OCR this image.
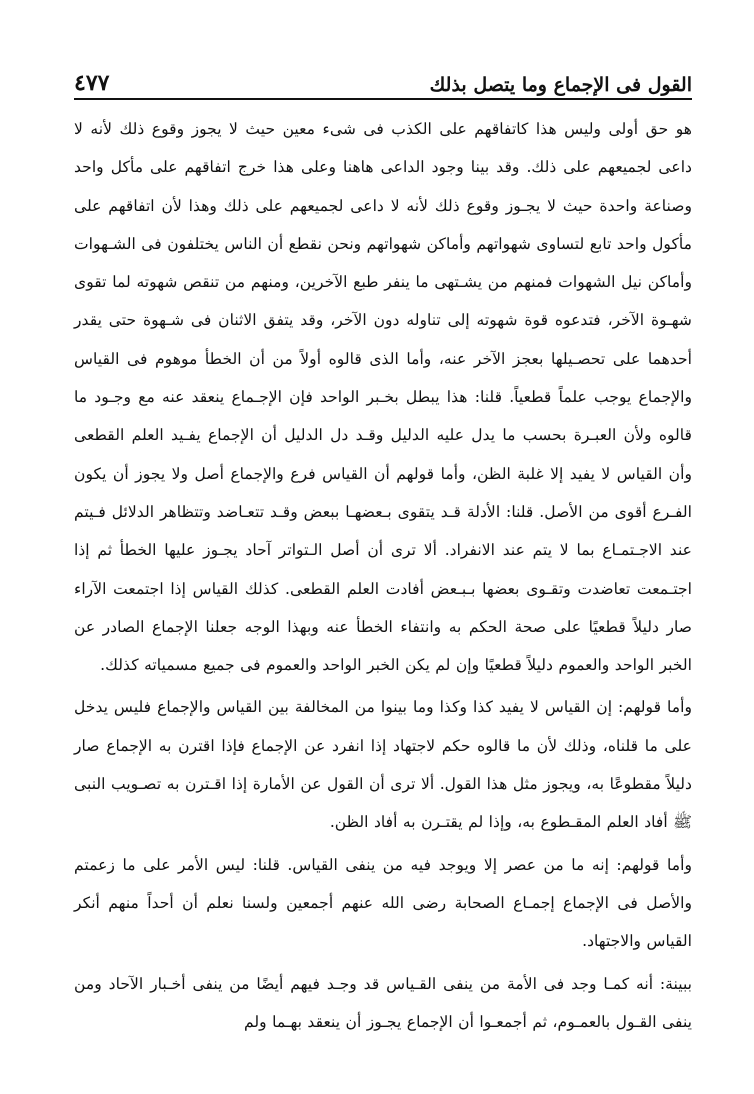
القول فى الإجماع وما يتصل بذلك
٤٧٧

هو حق أولى وليس هذا كاتفاقهم على الكذب فى شىء معين حيث لا يجوز وقوع ذلك لأنه لا داعى لجميعهم على ذلك. وقد بينا وجود الداعى هاهنا وعلى هذا خرج اتفاقهم على مأكل واحد وصناعة واحدة حيث لا يجـوز وقوع ذلك لأنه لا داعى لجميعهم على ذلك وهذا لأن اتفاقهم على مأكول واحد تابع لتساوى شهواتهم وأماكن شهواتهم ونحن نقطع أن الناس يختلفون فى الشـهوات وأماكن نيل الشهوات فمنهم من يشـتهى ما ينفر طبع الآخرين، ومنهم من تنقص شهوته لما تقوى شهـوة الآخر، فتدعوه قوة شهوته إلى تناوله دون الآخر، وقد يتفق الاثنان فى شـهوة حتى يقدر أحدهما على تحصـيلها بعجز الآخر عنه، وأما الذى قالوه أولاً من أن الخطأ موهوم فى القياس والإجماع يوجب علماً قطعياً. قلنا: هذا يبطل بخـبر الواحد فإن الإجـماع ينعقد عنه مع وجـود ما قالوه ولأن العبـرة بحسب ما يدل عليه الدليل وقـد دل الدليل أن الإجماع يفـيد العلم القطعى وأن القياس لا يفيد إلا غلبة الظن، وأما قولهم أن القياس فرع والإجماع أصل ولا يجوز أن يكون الفـرع أقوى من الأصل. قلنا: الأدلة قـد يتقوى بـعضهـا ببعض وقـد تتعـاضد وتتظاهر الدلائل فـيتم عند الاجـتمـاع بما لا يتم عند الانفراد. ألا ترى أن أصل الـتواتر آحاد يجـوز عليها الخطأ ثم إذا اجتـمعت تعاضدت وتقـوى بعضها بـبـعض أفادت العلم القطعى. كذلك القياس إذا اجتمعت الآراء صار دليلاً قطعيًا على صحة الحكم به وانتفاء الخطأ عنه وبهذا الوجه جعلنا الإجماع الصادر عن الخبر الواحد والعموم دليلاً قطعيًا وإن لم يكن الخبر الواحد والعموم فى جميع مسمياته كذلك.

وأما قولهم: إن القياس لا يفيد كذا وكذا وما بينوا من المخالفة بين القياس والإجماع فليس يدخل على ما قلناه، وذلك لأن ما قالوه حكم لاجتهاد إذا انفرد عن الإجماع فإذا اقترن به الإجماع صار دليلاً مقطوعًا به، ويجوز مثل هذا القول. ألا ترى أن القول عن الأمارة إذا اقـترن به تصـويب النبى ﷺ أفاد العلم المقـطوع به، وإذا لم يقتـرن به أفاد الظن.

وأما قولهم: إنه ما من عصر إلا ويوجد فيه من ينفى القياس. قلنا: ليس الأمر على ما زعمتم والأصل فى الإجماع إجمـاع الصحابة رضى الله عنهم أجمعين ولسنا نعلم أن أحداً منهم أنكر القياس والاجتهاد.

ببينة: أنه كمـا وجد فى الأمة من ينفى القـياس قد وجـد فيهم أيضًا من ينفى أخـبار الآحاد ومن ينفى القـول بالعمـوم، ثم أجمعـوا أن الإجماع يجـوز أن ينعقد بهـما ولم
